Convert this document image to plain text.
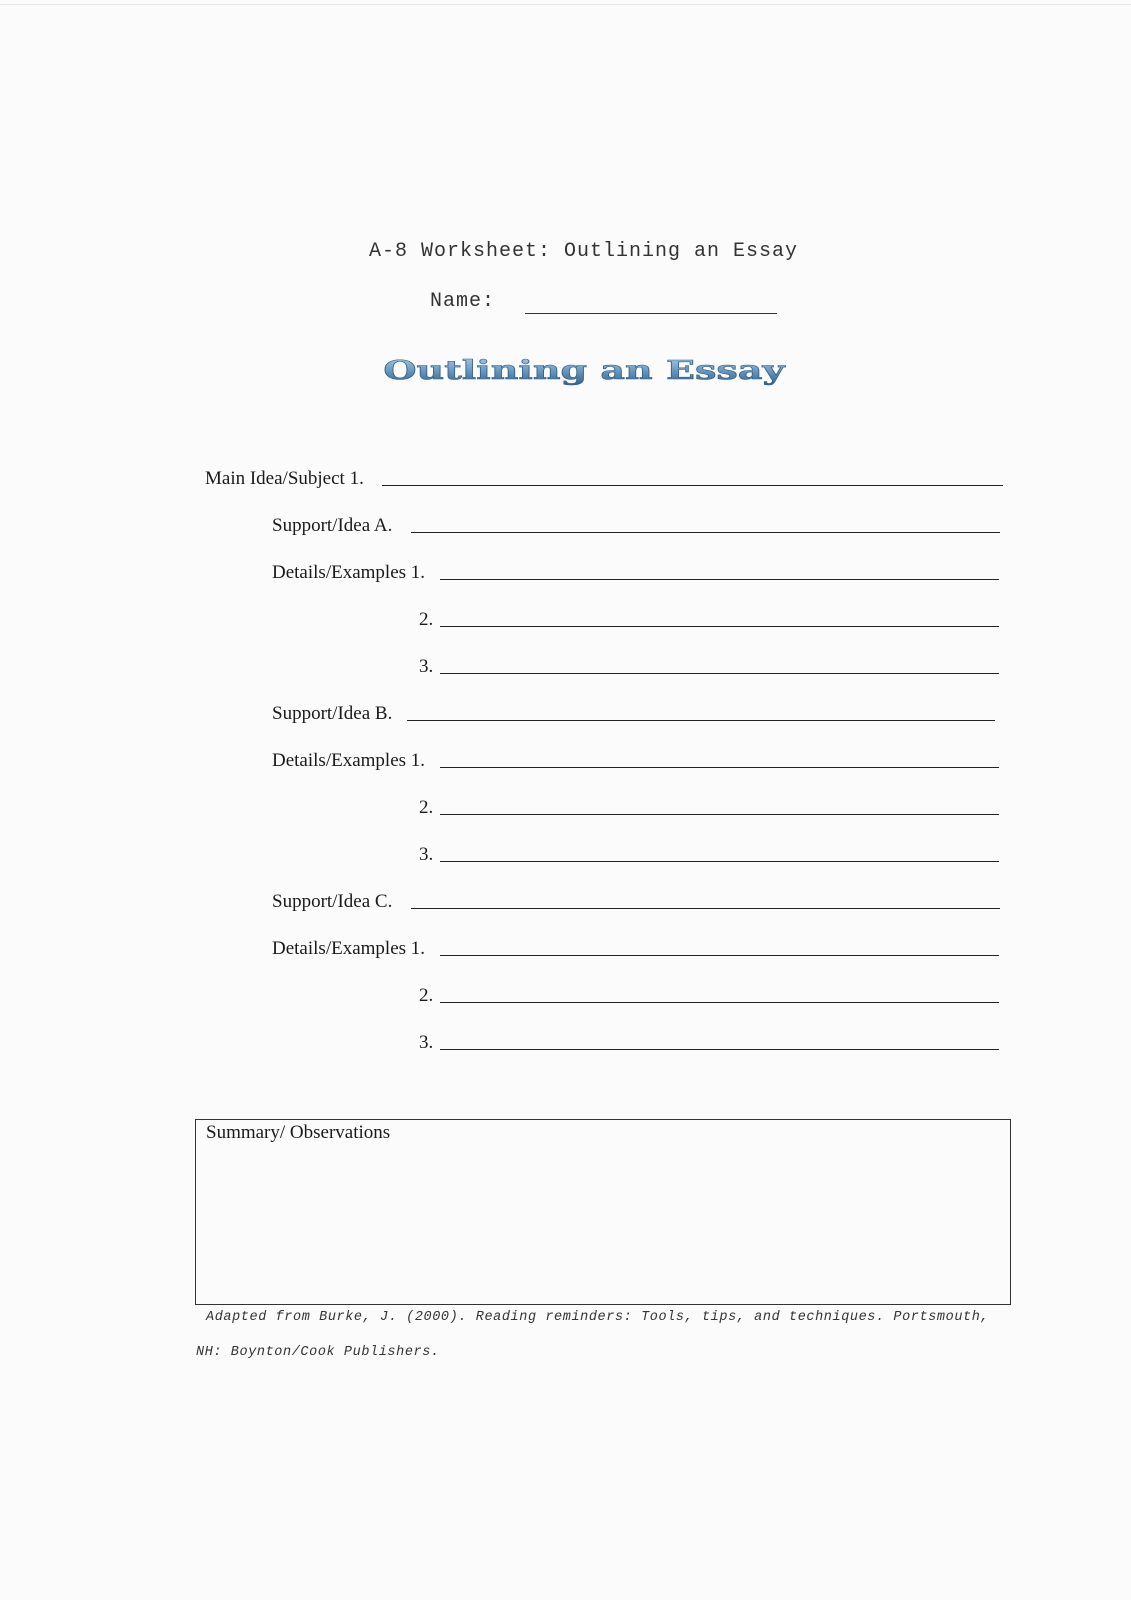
A-8 Worksheet: Outlining an Essay
Name:
Outlining an Essay
Main Idea/Subject 1.
Support/Idea A.
Details/Examples 1.
2.
3.
Support/Idea B.
Details/Examples 1.
2.
3.
Support/Idea C.
Details/Examples 1.
2.
3.
Summary/ Observations
Adapted from Burke, J. (2000). Reading reminders: Tools, tips, and techniques. Portsmouth,
NH: Boynton/Cook Publishers.
